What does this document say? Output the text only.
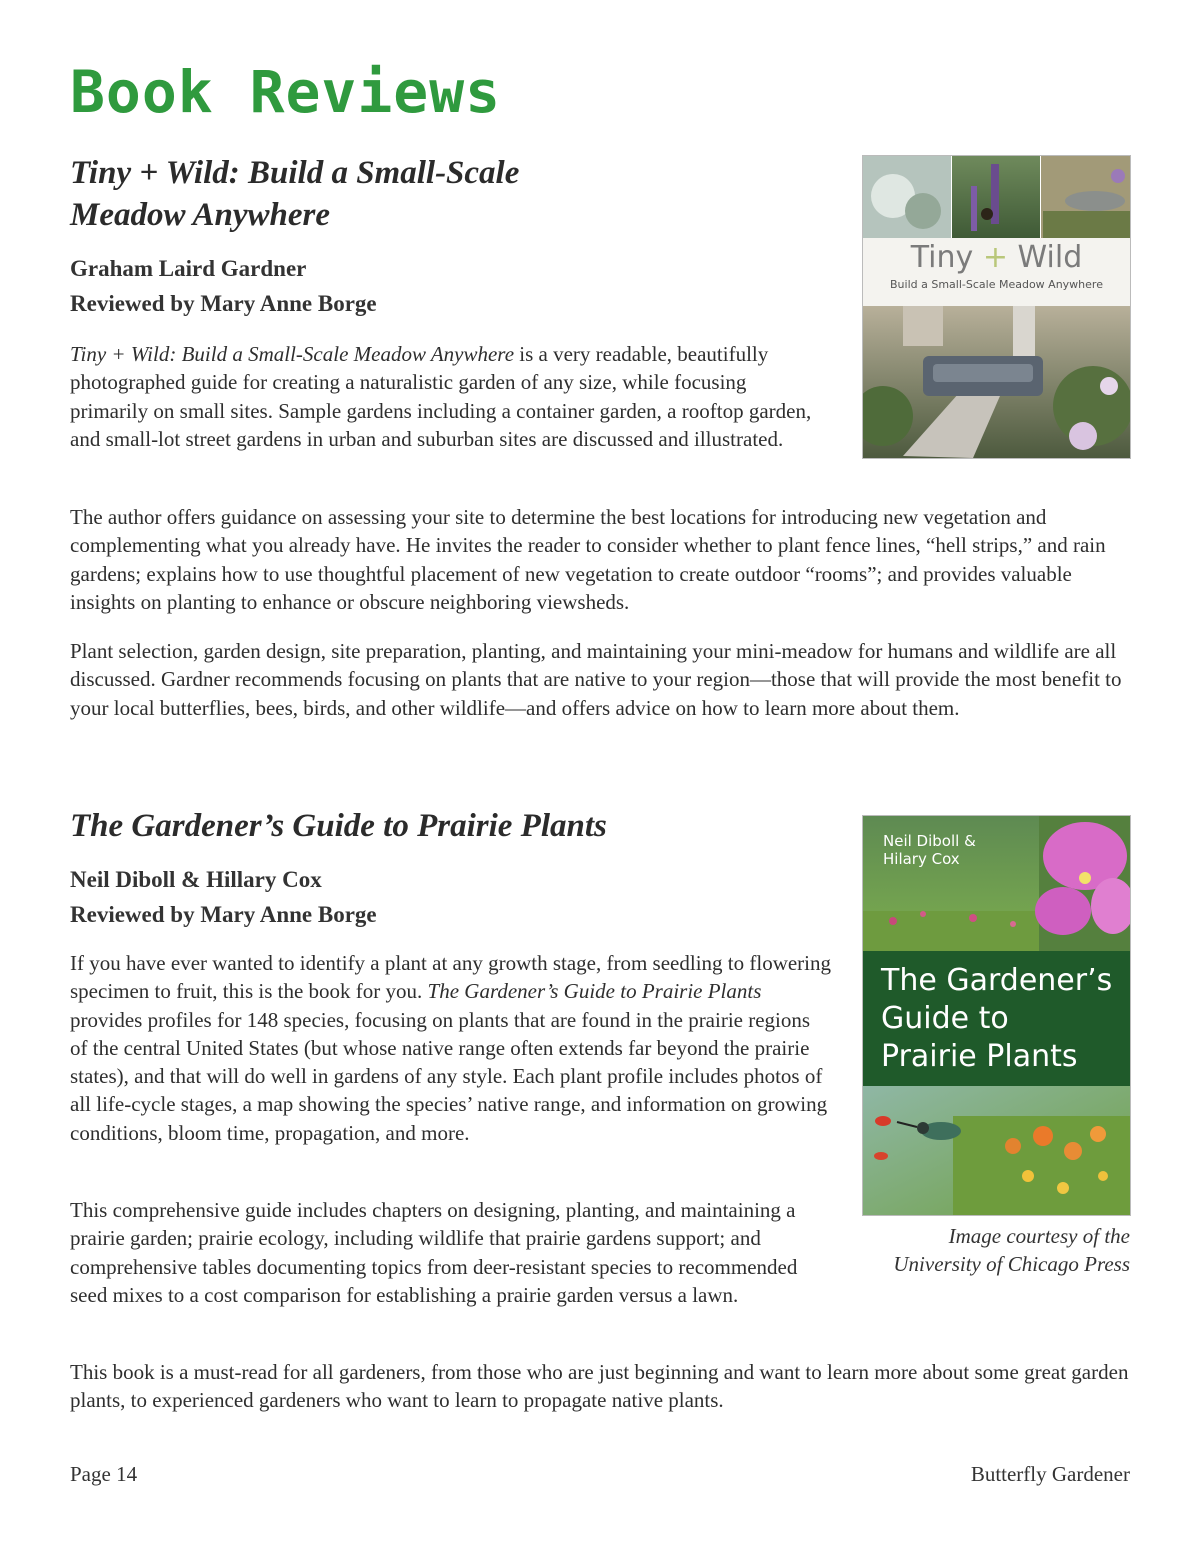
Book Reviews

Tiny + Wild: Build a Small-Scale

Meadow Anywhere

Graham Laird Gardner

Reviewed by Mary Anne Borge

Tiny + Wild: Build a Small-Scale Meadow Anywhere is a very readable, beautifully photographed guide for creating a naturalistic garden of any size, while focusing primarily on small sites. Sample gardens including a container garden, a rooftop garden, and small-lot street gardens in urban and suburban sites are discussed and illustrated.

The author offers guidance on assessing your site to determine the best locations for introducing new vegetation and complementing what you already have. He invites the reader to consider whether to plant fence lines, “hell strips,” and rain gardens; explains how to use thoughtful placement of new vegetation to create outdoor “rooms”; and provides valuable insights on planting to enhance or obscure neighboring viewsheds.

Plant selection, garden design, site preparation, planting, and maintaining your mini-meadow for humans and wildlife are all discussed. Gardner recommends focusing on plants that are native to your region—those that will provide the most benefit to your local butterflies, bees, birds, and other wildlife—and offers advice on how to learn more about them.

Tiny + Wild
Build a Small-Scale Meadow Anywhere

The Gardener’s Guide to Prairie Plants

Neil Diboll & Hillary Cox

Reviewed by Mary Anne Borge

If you have ever wanted to identify a plant at any growth stage, from seedling to flowering specimen to fruit, this is the book for you. The Gardener’s Guide to Prairie Plants provides profiles for 148 species, focusing on plants that are found in the prairie regions of the central United States (but whose native range often extends far beyond the prairie states), and that will do well in gardens of any style. Each plant profile includes photos of all life-cycle stages, a map showing the species’ native range, and information on growing conditions, bloom time, propagation, and more.

This comprehensive guide includes chapters on designing, planting, and maintaining a prairie garden; prairie ecology, including wildlife that prairie gardens support; and comprehensive tables documenting topics from deer-resistant species to recommended seed mixes to a cost comparison for establishing a prairie garden versus a lawn.

This book is a must-read for all gardeners, from those who are just beginning and want to learn more about some great garden plants, to experienced gardeners who want to learn to propagate native plants.

Neil Diboll &
Hilary Cox
The Gardener’s
Guide to
Prairie Plants
Image courtesy of the
University of Chicago Press
Page 14	Butterfly Gardener
